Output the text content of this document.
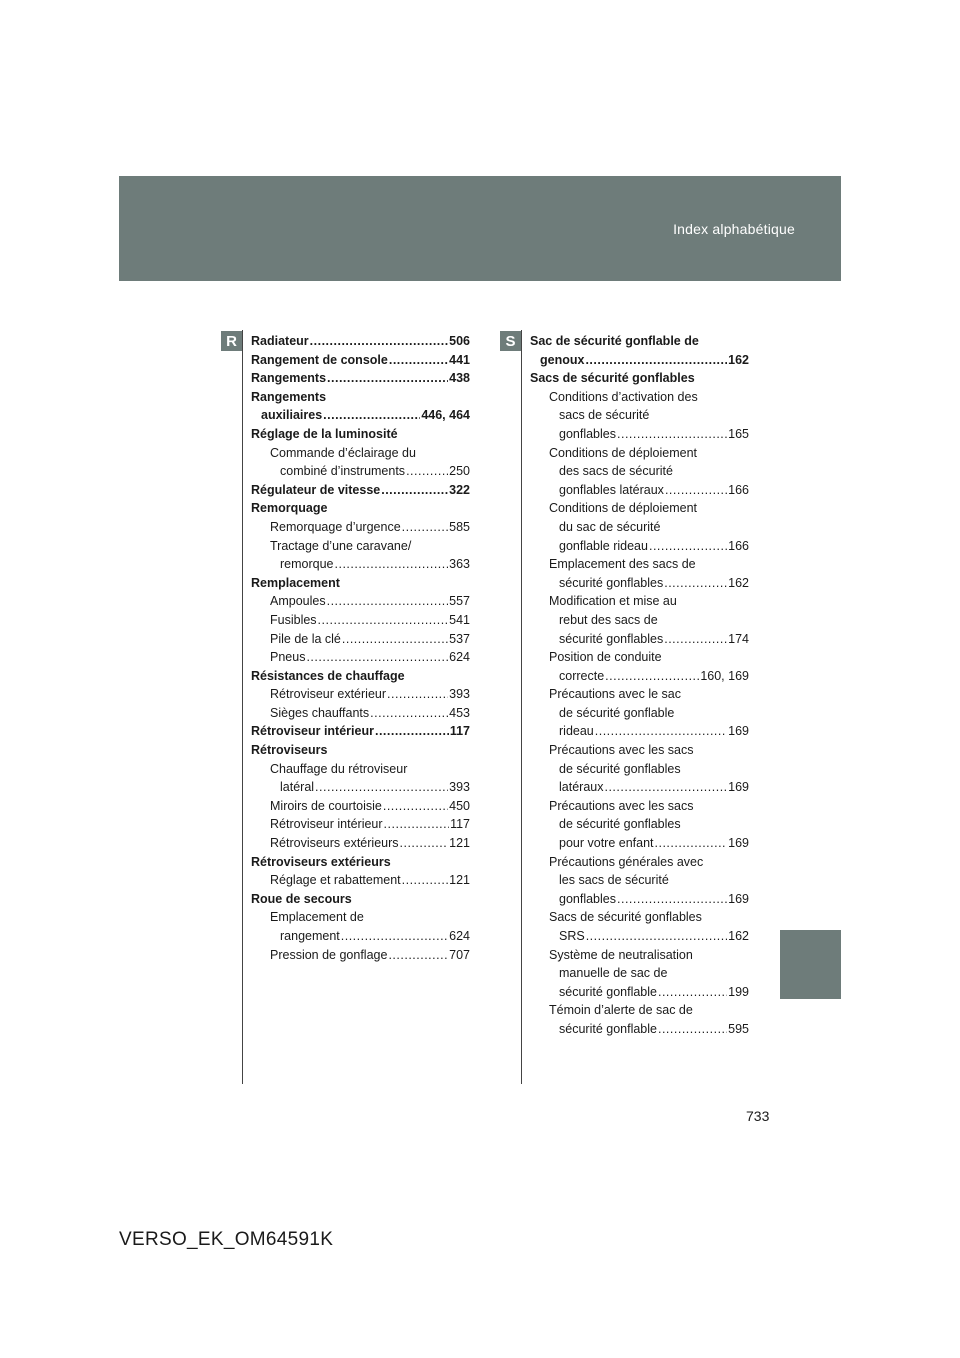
Index alphabétique
R	S
Radiateur .....	506
Rangement de console .....	441
Rangements .....	438
Rangements
auxiliaires .....	446, 464
Réglage de la luminosité
Commande d’éclairage du
combiné d’instruments .....	250
Régulateur de vitesse .....	322
Remorquage
Remorquage d’urgence .....	585
Tractage d’une caravane/
remorque .....	363
Remplacement
Ampoules .....	557
Fusibles .....	541
Pile de la clé .....	537
Pneus .....	624
Résistances de chauffage
Rétroviseur extérieur .....	393
Sièges chauffants .....	453
Rétroviseur intérieur .....	117
Rétroviseurs
Chauffage du rétroviseur
latéral .....	393
Miroirs de courtoisie .....	450
Rétroviseur intérieur .....	117
Rétroviseurs extérieurs .....	121
Rétroviseurs extérieurs
Réglage et rabattement .....	121
Roue de secours
Emplacement de
rangement .....	624
Pression de gonflage .....	707
Sac de sécurité gonflable de
genoux .....	162
Sacs de sécurité gonflables
Conditions d’activation des
sacs de sécurité
gonflables .....	165
Conditions de déploiement
des sacs de sécurité
gonflables latéraux .....	166
Conditions de déploiement
du sac de sécurité
gonflable rideau .....	166
Emplacement des sacs de
sécurité gonflables .....	162
Modification et mise au
rebut des sacs de
sécurité gonflables .....	174
Position de conduite
correcte .....	160, 169
Précautions avec le sac
de sécurité gonflable
rideau .....	169
Précautions avec les sacs
de sécurité gonflables
latéraux .....	169
Précautions avec les sacs
de sécurité gonflables
pour votre enfant .....	169
Précautions générales avec
les sacs de sécurité
gonflables .....	169
Sacs de sécurité gonflables
SRS .....	162
Système de neutralisation
manuelle de sac de
sécurité gonflable .....	199
Témoin d’alerte de sac de
sécurité gonflable .....	595
733
VERSO_EK_OM64591K
